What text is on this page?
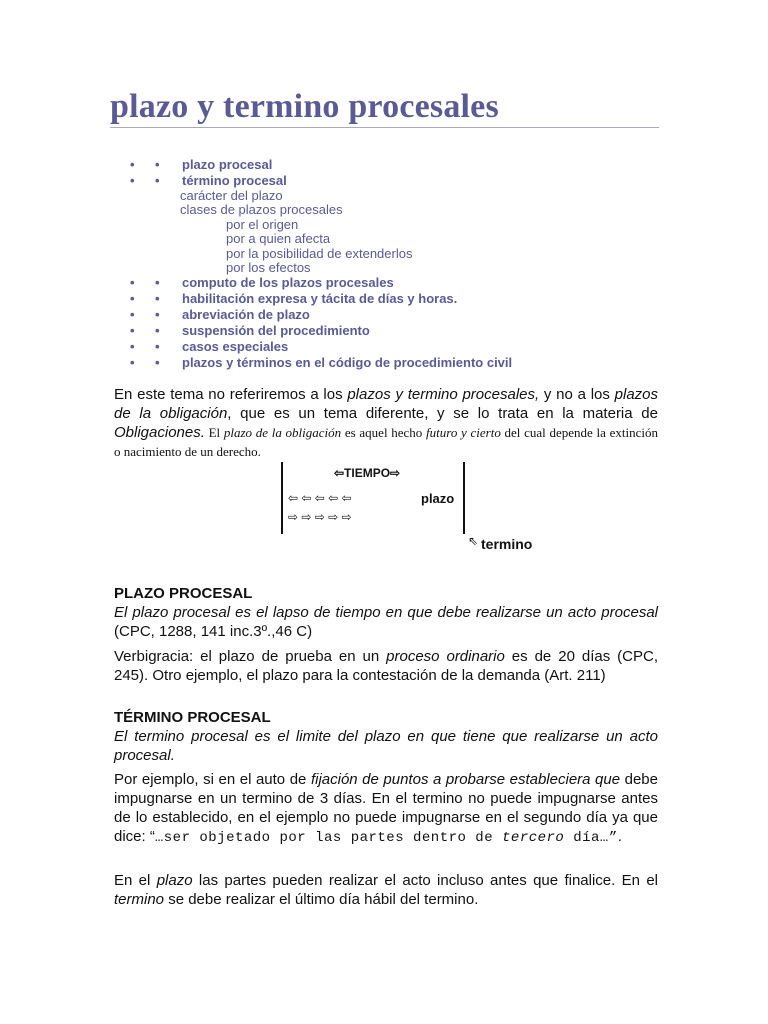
plazo y termino procesales
• • plazo procesal
• • término procesal
carácter del plazo
clases de plazos procesales
por el origen
por a quien afecta
por la posibilidad de extenderlos
por los efectos
• • computo de los plazos procesales
• • habilitación expresa y tácita de días y horas.
• • abreviación de plazo
• • suspensión del procedimiento
• • casos especiales
• • plazos y términos en el código de procedimiento civil
En este tema no referiremos a los plazos y termino procesales, y no a los plazos de la obligación, que es un tema diferente, y se lo trata en la materia de Obligaciones. El plazo de la obligación es aquel hecho futuro y cierto del cual depende la extinción o nacimiento de un derecho.
⇦TIEMPO⇨
⇦ ⇦ ⇦ ⇦ ⇦
⇨ ⇨ ⇨ ⇨ ⇨
plazo
⇖ termino
PLAZO PROCESAL
El plazo procesal es el lapso de tiempo en que debe realizarse un acto procesal (CPC, 1288, 141 inc.3º.,46 C)
Verbigracia: el plazo de prueba en un proceso ordinario es de 20 días (CPC, 245). Otro ejemplo, el plazo para la contestación de la demanda (Art. 211)
TÉRMINO PROCESAL
El termino procesal es el limite del plazo en que tiene que realizarse un acto procesal.
Por ejemplo, si en el auto de fijación de puntos a probarse estableciera que debe impugnarse en un termino de 3 días. En el termino no puede impugnarse antes de lo establecido, en el ejemplo no puede impugnarse en el segundo día ya que dice: “…ser objetado por las partes dentro de tercero día…”.
En el plazo las partes pueden realizar el acto incluso antes que finalice. En el termino se debe realizar el último día hábil del termino.
